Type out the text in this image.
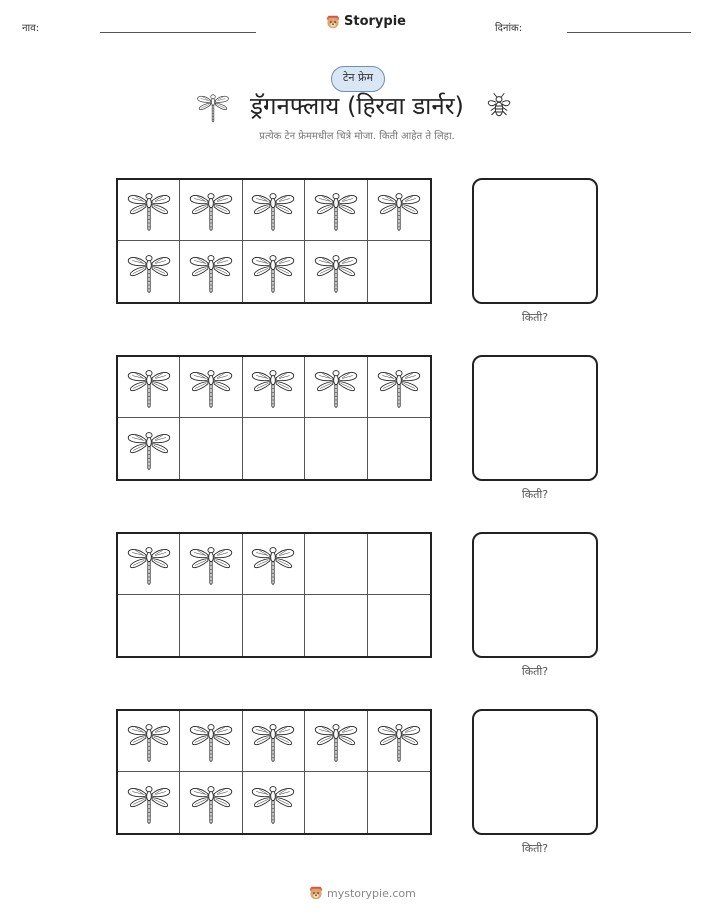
नाव:	Storypie	दिनांक:
टेन फ्रेम
ड्रॅगनफ्लाय (हिरवा डार्नर)
प्रत्येक टेन फ्रेममधील चित्रे मोजा. किती आहेत ते लिहा.
किती?
किती?
किती?
किती?
mystorypie.com
